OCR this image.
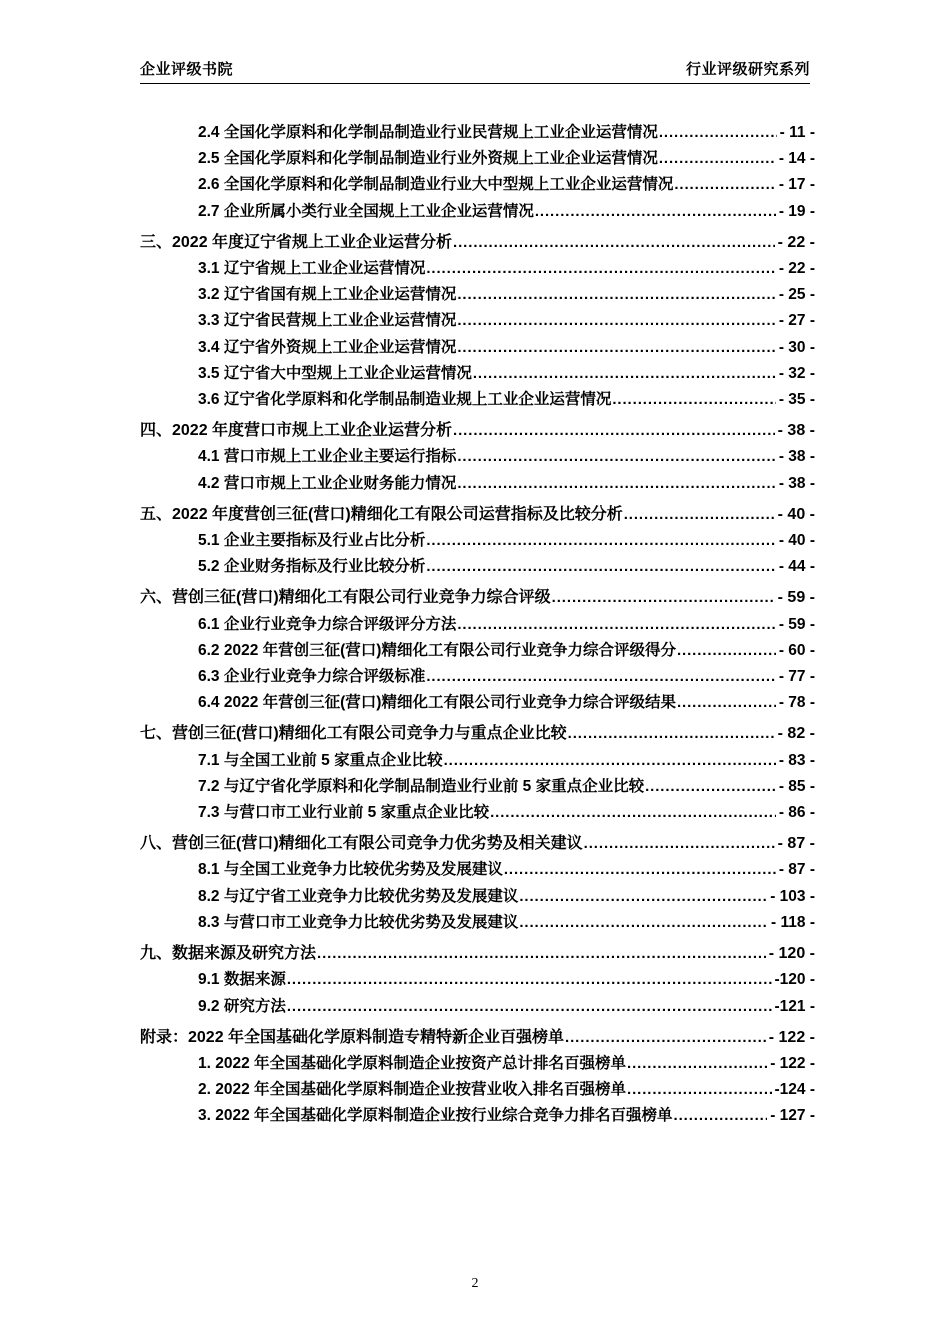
企业评级书院	行业评级研究系列
2.4 全国化学原料和化学制品制造业行业民营规上工业企业运营情况 .....	- 11 -
2.5 全国化学原料和化学制品制造业行业外资规上工业企业运营情况 .....	- 14 -
2.6 全国化学原料和化学制品制造业行业大中型规上工业企业运营情况 .....	- 17 -
2.7 企业所属小类行业全国规上工业企业运营情况 .....	- 19 -
三、2022 年度辽宁省规上工业企业运营分析 .....	- 22 -
3.1 辽宁省规上工业企业运营情况 .....	- 22 -
3.2 辽宁省国有规上工业企业运营情况 .....	- 25 -
3.3 辽宁省民营规上工业企业运营情况 .....	- 27 -
3.4 辽宁省外资规上工业企业运营情况 .....	- 30 -
3.5 辽宁省大中型规上工业企业运营情况 .....	- 32 -
3.6 辽宁省化学原料和化学制品制造业规上工业企业运营情况 .....	- 35 -
四、2022 年度营口市规上工业企业运营分析 .....	- 38 -
4.1 营口市规上工业企业主要运行指标 .....	- 38 -
4.2 营口市规上工业企业财务能力情况 .....	- 38 -
五、2022 年度营创三征(营口)精细化工有限公司运营指标及比较分析 .....	- 40 -
5.1 企业主要指标及行业占比分析 .....	- 40 -
5.2 企业财务指标及行业比较分析 .....	- 44 -
六、营创三征(营口)精细化工有限公司行业竞争力综合评级 .....	- 59 -
6.1 企业行业竞争力综合评级评分方法 .....	- 59 -
6.2 2022 年营创三征(营口)精细化工有限公司行业竞争力综合评级得分 .....	- 60 -
6.3 企业行业竞争力综合评级标准 .....	- 77 -
6.4 2022 年营创三征(营口)精细化工有限公司行业竞争力综合评级结果 .....	- 78 -
七、营创三征(营口)精细化工有限公司竞争力与重点企业比较 .....	- 82 -
7.1 与全国工业前 5 家重点企业比较 .....	- 83 -
7.2 与辽宁省化学原料和化学制品制造业行业前 5 家重点企业比较 .....	- 85 -
7.3 与营口市工业行业前 5 家重点企业比较 .....	- 86 -
八、营创三征(营口)精细化工有限公司竞争力优劣势及相关建议 .....	- 87 -
8.1 与全国工业竞争力比较优劣势及发展建议 .....	- 87 -
8.2 与辽宁省工业竞争力比较优劣势及发展建议 .....	- 103 -
8.3 与营口市工业竞争力比较优劣势及发展建议 .....	- 118 -
九、数据来源及研究方法 .....	- 120 -
9.1 数据来源 .....	-120 -
9.2 研究方法 .....	-121 -
附录：2022 年全国基础化学原料制造专精特新企业百强榜单 .....	- 122 -
1. 2022 年全国基础化学原料制造企业按资产总计排名百强榜单 .....	- 122 -
2. 2022 年全国基础化学原料制造企业按营业收入排名百强榜单 .....	-124 -
3. 2022 年全国基础化学原料制造企业按行业综合竞争力排名百强榜单 .....	- 127 -
2
